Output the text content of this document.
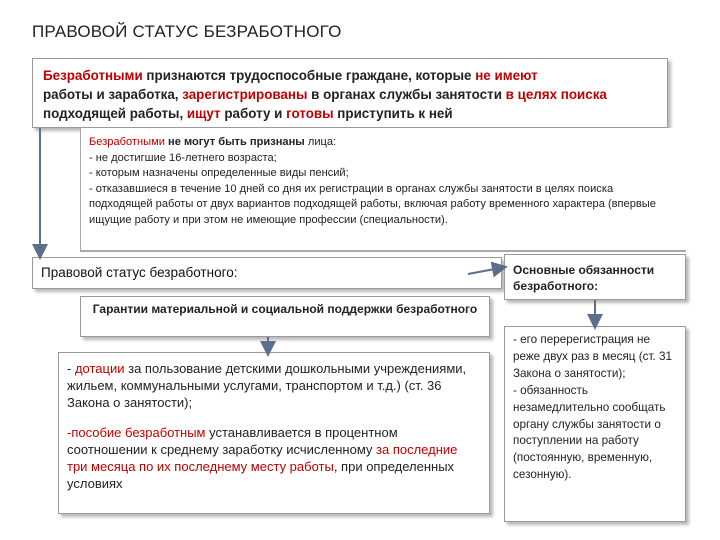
ПРАВОВОЙ СТАТУС БЕЗРАБОТНОГО
Безработными признаются трудоспособные граждане, которые не имеют
работы и заработка, зарегистрированы в органах службы занятости в целях поиска подходящей работы, ищут работу и готовы приступить к ней
Безработными не могут быть признаны лица:
- не достигшие 16-летнего возраста;
- которым назначены определенные виды пенсий;
- отказавшиеся в течение 10 дней со дня их регистрации в органах службы занятости в целях поиска подходящей работы от двух вариантов подходящей работы, включая работу временного характера (впервые ищущие работу и при этом не имеющие профессии (специальности).
Правовой статус безработного:	Основные обязанности безработного:
Гарантии материальной и социальной поддержки безработного

- дотации за пользование детскими дошкольными учреждениями, жильем, коммунальными услугами, транспортом и т.д.) (ст. 36 Закона о занятости);

-пособие безработным устанавливается в процентном соотношении к среднему заработку исчисленному за последние три месяца по их последнему месту работы, при определенных условиях

- его перерегистрация не реже двух раз в месяц (ст. 31 Закона о занятости);
- обязанность незамедлительно сообщать органу службы занятости о поступлении на работу (постоянную, временную, сезонную).
